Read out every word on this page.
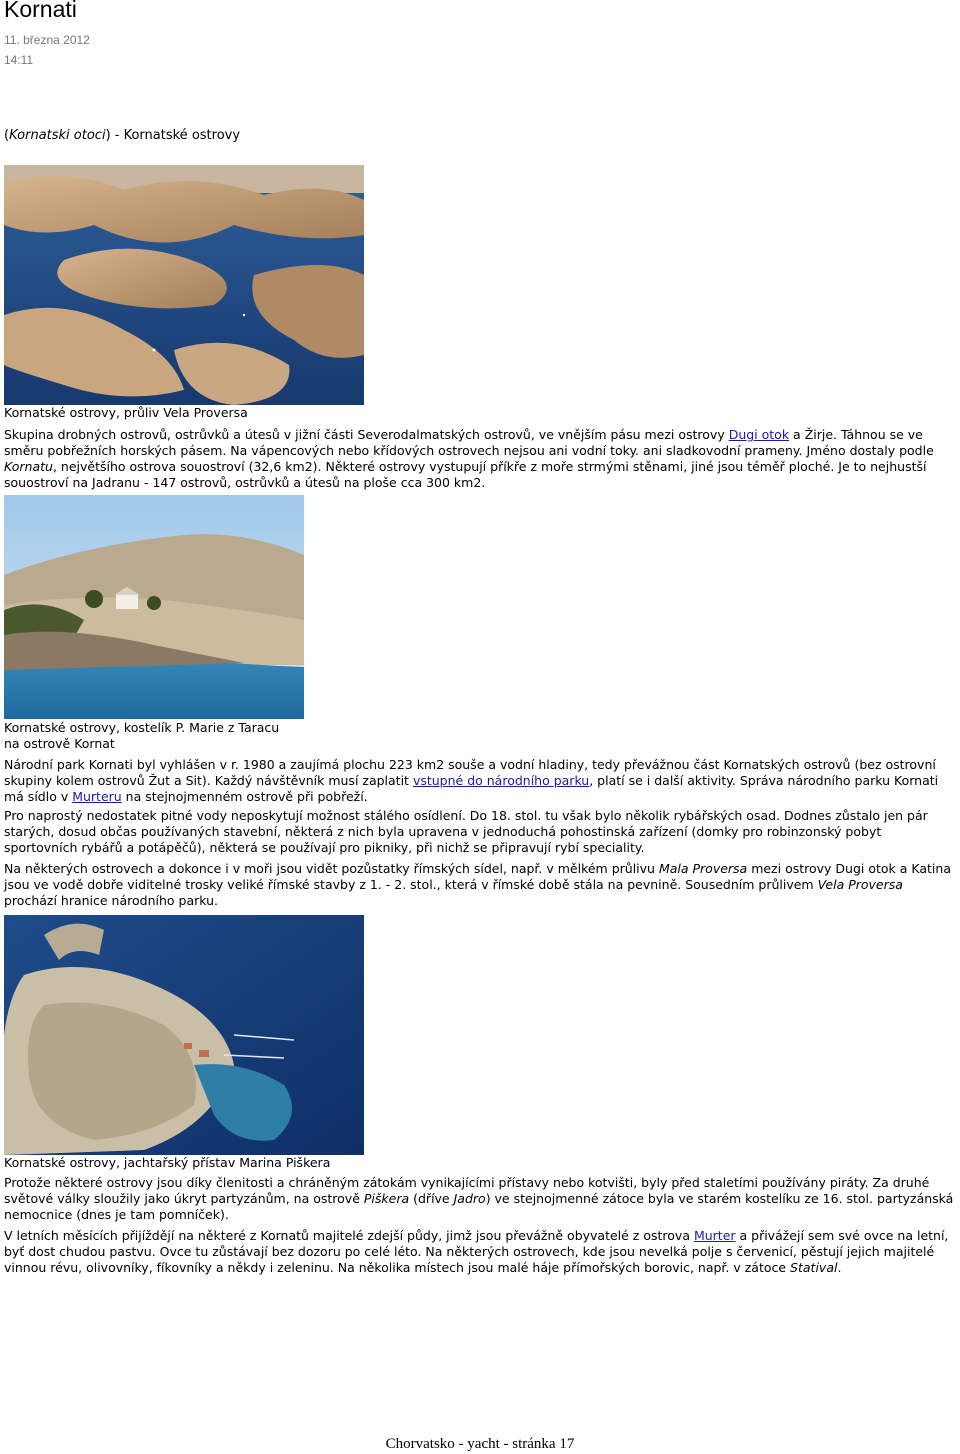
Kornati
11. března 2012
14:11
(Kornatski otoci) - Kornatské ostrovy
Kornatské ostrovy, průliv Vela Proversa
Skupina drobných ostrovů, ostrůvků a útesů v jižní části Severodalmatských ostrovů, ve vnějším pásu mezi ostrovy Dugi otok a Žirje. Táhnou se ve směru pobřežních horských pásem. Na vápencových nebo křídových ostrovech nejsou ani vodní toky. ani sladkovodní prameny. Jméno dostaly podle Kornatu, největšího ostrova souostroví (32,6 km2). Některé ostrovy vystupují příkře z moře strmými stěnami, jiné jsou téměř ploché. Je to nejhustší souostroví na Jadranu - 147 ostrovů, ostrůvků a útesů na ploše cca 300 km2.
Kornatské ostrovy, kostelík P. Marie z Taracu
na ostrově Kornat
Národní park Kornati byl vyhlášen v r. 1980 a zaujímá plochu 223 km2 souše a vodní hladiny, tedy převážnou část Kornatských ostrovů (bez ostrovní skupiny kolem ostrovů Žut a Sit). Každý návštěvník musí zaplatit vstupné do národního parku, platí se i další aktivity. Správa národního parku Kornati má sídlo v Murteru na stejnojmenném ostrově při pobřeží.
Pro naprostý nedostatek pitné vody neposkytují možnost stálého osídlení. Do 18. stol. tu však bylo několik rybářských osad. Dodnes zůstalo jen pár starých, dosud občas používaných stavební, některá z nich byla upravena v jednoduchá pohostinská zařízení (domky pro robinzonský pobyt sportovních rybářů a potápěčů), některá se používají pro pikniky, při nichž se připravují rybí speciality.
Na některých ostrovech a dokonce i v moři jsou vidět pozůstatky římských sídel, např. v mělkém průlivu Mala Proversa mezi ostrovy Dugi otok a Katina jsou ve vodě dobře viditelné trosky veliké římské stavby z 1. - 2. stol., která v římské době stála na pevnině. Sousedním průlivem Vela Proversa prochází hranice národního parku.
Kornatské ostrovy, jachtařský přístav Marina Piškera
Protože některé ostrovy jsou díky členitosti a chráněným zátokám vynikajícími přístavy nebo kotvišti, byly před staletími používány piráty. Za druhé světové války sloužily jako úkryt partyzánům, na ostrově Piškera (dříve Jadro) ve stejnojmenné zátoce byla ve starém kostelíku ze 16. stol. partyzánská nemocnice (dnes je tam pomníček).
V letních měsících přijíždějí na některé z Kornatů majitelé zdejší půdy, jimž jsou převážně obyvatelé z ostrova Murter a přivážejí sem své ovce na letní, byť dost chudou pastvu. Ovce tu zůstávají bez dozoru po celé léto. Na některých ostrovech, kde jsou nevelká polje s červenicí, pěstují jejich majitelé vinnou révu, olivovníky, fíkovníky a někdy i zeleninu. Na několika místech jsou malé háje přímořských borovic, např. v zátoce Statival.
Chorvatsko - yacht - stránka 17
